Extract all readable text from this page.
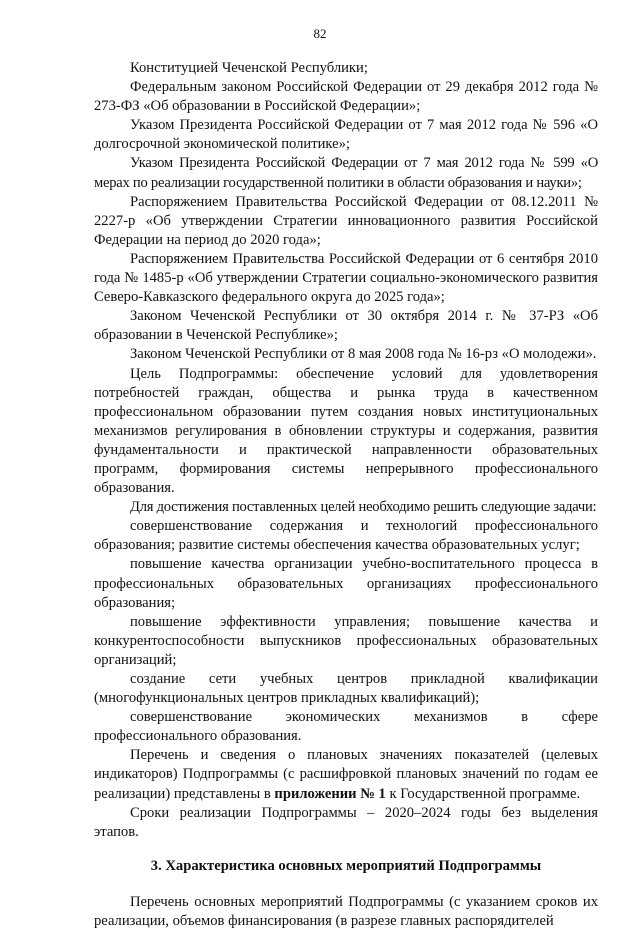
82

Конституцией Чеченской Республики;

Федеральным законом Российской Федерации от 29 декабря 2012 года № 273-ФЗ «Об образовании в Российской Федерации»;

Указом Президента Российской Федерации от 7 мая 2012 года № 596 «О долгосрочной экономической политике»;

Указом Президента Российской Федерации от 7 мая 2012 года № 599 «О мерах по реализации государственной политики в области образования и науки»;

Распоряжением Правительства Российской Федерации от 08.12.2011 № 2227-р «Об утверждении Стратегии инновационного развития Российской Федерации на период до 2020 года»;

Распоряжением Правительства Российской Федерации от 6 сентября 2010 года № 1485-р «Об утверждении Стратегии социально-экономического развития Северо-Кавказского федерального округа до 2025 года»;

Законом Чеченской Республики от 30 октября 2014 г. № 37-РЗ «Об образовании в Чеченской Республике»;

Законом Чеченской Республики от 8 мая 2008 года № 16-рз «О молодежи».

Цель Подпрограммы: обеспечение условий для удовлетворения потребностей граждан, общества и рынка труда в качественном профессиональном образовании путем создания новых институциональных механизмов регулирования в обновлении структуры и содержания, развития фундаментальности и практической направленности образовательных программ, формирования системы непрерывного профессионального образования.

Для достижения поставленных целей необходимо решить следующие задачи:

совершенствование содержания и технологий профессионального образования; развитие системы обеспечения качества образовательных услуг;

повышение качества организации учебно-воспитательного процесса в профессиональных образовательных организациях профессионального образования;

повышение эффективности управления; повышение качества и конкурентоспособности выпускников профессиональных образовательных организаций;

создание сети учебных центров прикладной квалификации (многофункциональных центров прикладных квалификаций);

совершенствование экономических механизмов в сфере профессионального образования.

Перечень и сведения о плановых значениях показателей (целевых индикаторов) Подпрограммы (с расшифровкой плановых значений по годам ее реализации) представлены в приложении № 1 к Государственной программе.

Сроки реализации Подпрограммы – 2020–2024 годы без выделения этапов.

3. Характеристика основных мероприятий Подпрограммы

Перечень основных мероприятий Подпрограммы (с указанием сроков их реализации, объемов финансирования (в разрезе главных распорядителей
